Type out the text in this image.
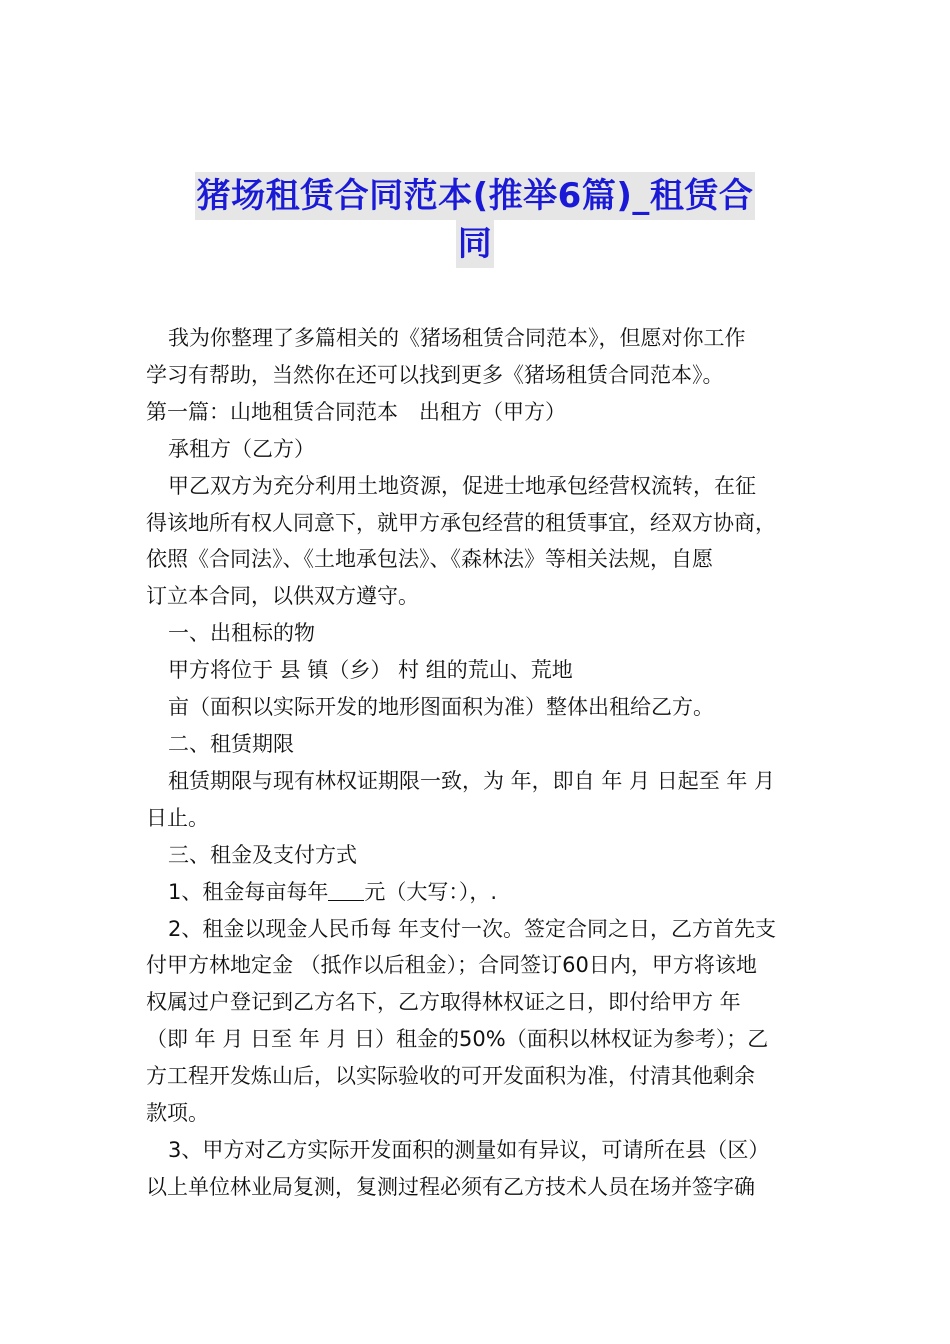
猪场租赁合同范本(推举6篇)_租赁合
同

我为你整理了多篇相关的《猪场租赁合同范本》，但愿对你工作

学习有帮助，当然你在还可以找到更多《猪场租赁合同范本》。

第一篇：山地租赁合同范本　出租方（甲方）

承租方（乙方）

甲乙双方为充分利用土地资源，促进士地承包经营权流转，在征

得该地所有权人同意下，就甲方承包经营的租赁事宜，经双方协商，

依照《合同法》、《土地承包法》、《森林法》等相关法规，自愿

订立本合同，以供双方遵守。

一、出租标的物

甲方将位于 县 镇（乡） 村 组的荒山、荒地

亩（面积以实际开发的地形图面积为准）整体出租给乙方。

二、租赁期限

租赁期限与现有林权证期限一致，为 年，即自 年 月 日起至 年 月

日止。

三、租金及支付方式

1、租金每亩每年 元（大写：），.

2、租金以现金人民币每 年支付一次。签定合同之日，乙方首先支

付甲方林地定金 （抵作以后租金）；合同签订60日内，甲方将该地

权属过户登记到乙方名下，乙方取得林权证之日，即付给甲方 年

（即 年 月 日至 年 月 日）租金的50%（面积以林权证为参考）；乙

方工程开发炼山后，以实际验收的可开发面积为准，付清其他剩余

款项。

3、甲方对乙方实际开发面积的测量如有异议，可请所在县（区）

以上单位林业局复测，复测过程必须有乙方技术人员在场并签字确
